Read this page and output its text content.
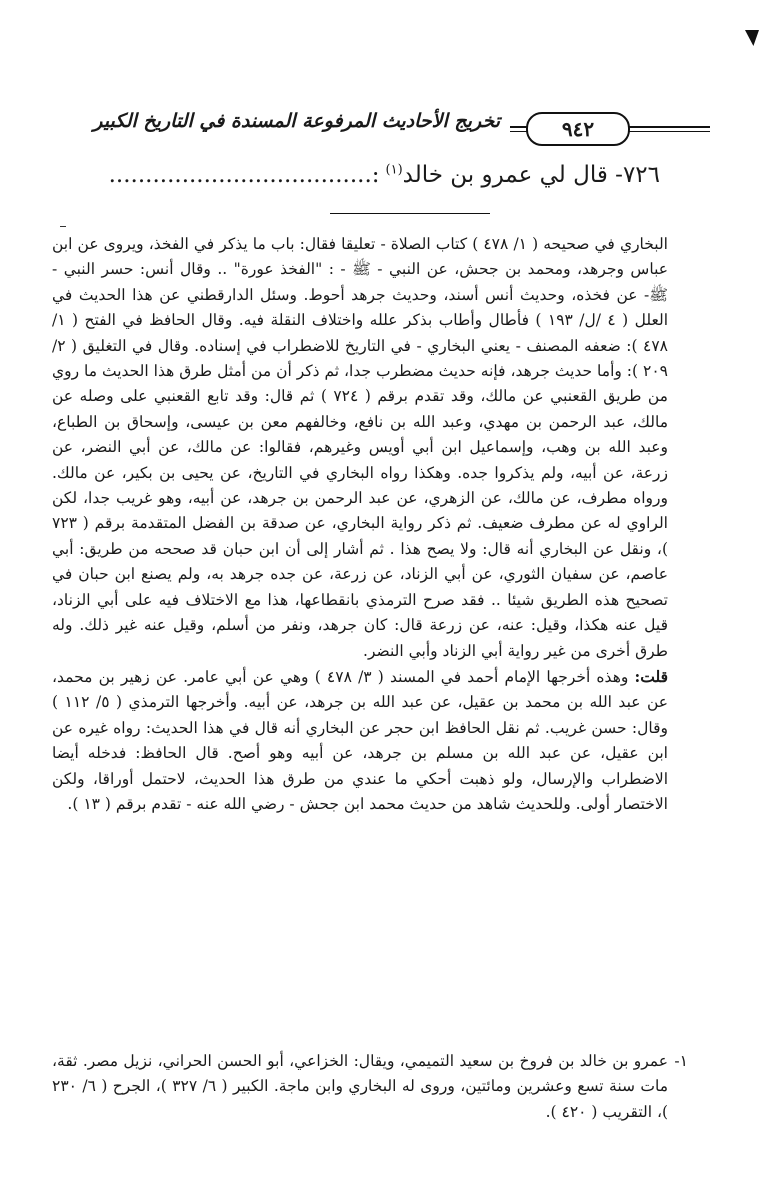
تخريج الأحاديث المرفوعة المسندة في التاريخ الكبير	٩٤٢
٧٢٦- قال لي عمرو بن خالد$^{(١)}$:....................................

البخاري في صحيحه ( ١/ ٤٧٨ ) كتاب الصلاة - تعليقا فقال: باب ما يذكر في الفخذ، ويروى عن ابن عباس وجرهد، ومحمد بن جحش، عن النبي - ﷺ - : "الفخذ عورة" .. وقال أنس: حسر النبي - ﷺ- عن فخذه، وحديث أنس أسند، وحديث جرهد أحوط. وسئل الدارقطني عن هذا الحديث في العلل ( ٤ /ل/ ١٩٣ ) فأطال وأطاب بذكر علله واختلاف النقلة فيه. وقال الحافظ في الفتح ( ١/ ٤٧٨ ): ضعفه المصنف - يعني البخاري - في التاريخ للاضطراب في إسناده. وقال في التغليق ( ٢/ ٢٠٩ ): وأما حديث جرهد، فإنه حديث مضطرب جدا، ثم ذكر أن من أمثل طرق هذا الحديث ما روي من طريق القعنبي عن مالك، وقد تقدم برقم ( ٧٢٤ ) ثم قال: وقد تابع القعنبي على وصله عن مالك، عبد الرحمن بن مهدي، وعبد الله بن نافع، وخالفهم معن بن عيسى، وإسحاق بن الطباع، وعبد الله بن وهب، وإسماعيل ابن أبي أويس وغيرهم، فقالوا: عن مالك، عن أبي النضر، عن زرعة، عن أبيه، ولم يذكروا جده. وهكذا رواه البخاري في التاريخ، عن يحيى بن بكير، عن مالك. ورواه مطرف، عن مالك، عن الزهري، عن عبد الرحمن بن جرهد، عن أبيه، وهو غريب جدا، لكن الراوي له عن مطرف ضعيف. ثم ذكر رواية البخاري، عن صدقة بن الفضل المتقدمة برقم ( ٧٢٣ )، ونقل عن البخاري أنه قال: ولا يصح هذا . ثم أشار إلى أن ابن حبان قد صححه من طريق: أبي عاصم، عن سفيان الثوري، عن أبي الزناد، عن زرعة، عن جده جرهد به، ولم يصنع ابن حبان في تصحيح هذه الطريق شيئا .. فقد صرح الترمذي بانقطاعها، هذا مع الاختلاف فيه على أبي الزناد، قيل عنه هكذا، وقيل: عنه، عن زرعة قال: كان جرهد، ونفر من أسلم، وقيل عنه غير ذلك. وله طرق أخرى من غير رواية أبي الزناد وأبي النضر.

قلت: وهذه أخرجها الإمام أحمد في المسند ( ٣/ ٤٧٨ ) وهي عن أبي عامر. عن زهير بن محمد، عن عبد الله بن محمد بن عقيل، عن عبد الله بن جرهد، عن أبيه. وأخرجها الترمذي ( ٥/ ١١٢ ) وقال: حسن غريب. ثم نقل الحافظ ابن حجر عن البخاري أنه قال في هذا الحديث: رواه غيره عن ابن عقيل، عن عبد الله بن مسلم بن جرهد، عن أبيه وهو أصح. قال الحافظ: فدخله أيضا الاضطراب والإرسال، ولو ذهبت أحكي ما عندي من طرق هذا الحديث، لاحتمل أوراقا، ولكن الاختصار أولى. وللحديث شاهد من حديث محمد ابن جحش - رضي الله عنه - تقدم برقم ( ١٣ ).

١-
عمرو بن خالد بن فروخ بن سعيد التميمي، ويقال: الخزاعي، أبو الحسن الحراني، نزيل مصر. ثقة، مات سنة تسع وعشرين ومائتين، وروى له البخاري وابن ماجة. الكبير ( ٦/ ٣٢٧ )، الجرح ( ٦/ ٢٣٠ )، التقريب ( ٤٢٠ ).
